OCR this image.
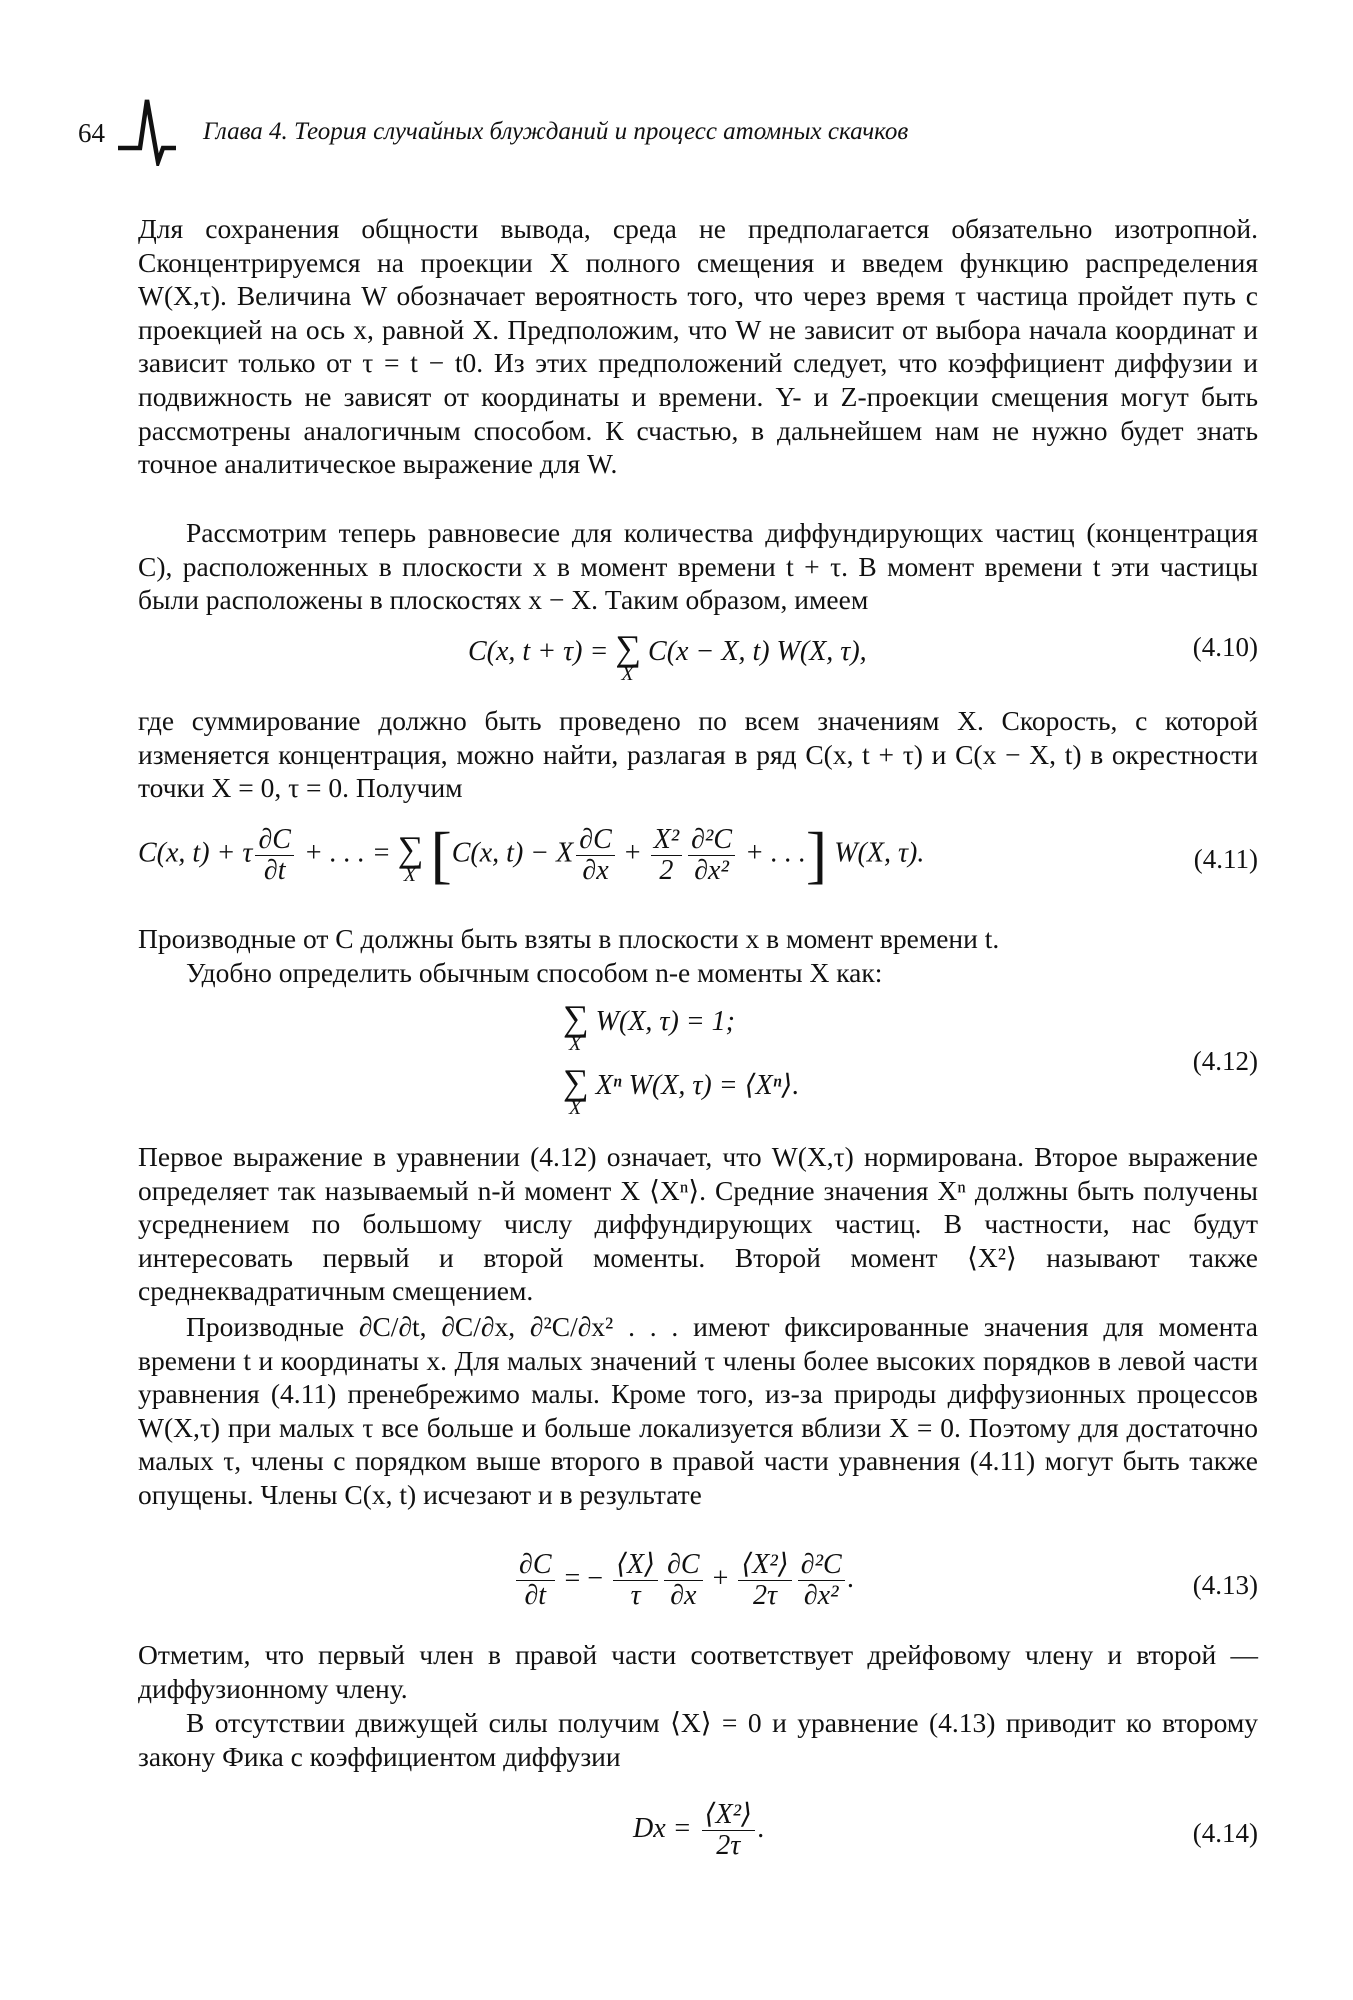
64	Глава 4. Теория случайных блужданий и процесс атомных скачков

Для сохранения общности вывода, среда не предполагается обязательно изотропной. Сконцентрируемся на проекции X полного смещения и введем функцию распределения W(X,τ). Величина W обозначает вероятность того, что через время τ частица пройдет путь с проекцией на ось x, равной X. Предположим, что W не зависит от выбора начала координат и зависит только от τ = t − t0. Из этих предположений следует, что коэффициент диффузии и подвижность не зависят от координаты и времени. Y- и Z-проекции смещения могут быть рассмотрены аналогичным способом. К счастью, в дальнейшем нам не нужно будет знать точное аналитическое выражение для W.

Рассмотрим теперь равновесие для количества диффундирующих частиц (концентрация C), расположенных в плоскости x в момент времени t + τ. В момент времени t эти частицы были расположены в плоскостях x − X. Таким образом, имеем

C(x, t + τ) = ∑
X
C(x − X, t) W(X, τ),	(4.10)

где суммирование должно быть проведено по всем значениям X. Скорость, с которой изменяется концентрация, можно найти, разлагая в ряд C(x, t + τ) и C(x − X, t) в окрестности точки X = 0, τ = 0. Получим

C(x, t) + τ $\frac{\partial C}{\partial t}$ + . . . = ∑
X [C(x, t) − X $\frac{\partial C}{\partial x} + \frac{\text{X²}}{2} \frac{\text{∂²C}}{\text{∂x²}}$ + . . .] W(X, τ).	(4.11)

Производные от C должны быть взяты в плоскости x в момент времени t.

Удобно определить обычным способом n-е моменты X как:

∑
X
W(X, τ) = 1;
∑
X
Xⁿ W(X, τ) = ⟨Xⁿ⟩.
(4.12)

Первое выражение в уравнении (4.12) означает, что W(X,τ) нормирована. Второе выражение определяет так называемый n-й момент X ⟨Xⁿ⟩. Средние значения Xⁿ должны быть получены усреднением по большому числу диффундирующих частиц. В частности, нас будут интересовать первый и второй моменты. Второй момент ⟨X²⟩ называют также среднеквадратичным смещением.

Производные ∂C/∂t, ∂C/∂x, ∂²C/∂x² . . . имеют фиксированные значения для момента времени t и координаты x. Для малых значений τ члены более высоких порядков в левой части уравнения (4.11) пренебрежимо малы. Кроме того, из-за природы диффузионных процессов W(X,τ) при малых τ все больше и больше локализуется вблизи X = 0. Поэтому для достаточно малых τ, члены с порядком выше второго в правой части уравнения (4.11) могут быть также опущены. Члены C(x, t) исчезают и в результате

$\frac{\partial C}{\partial t}$ = − $\frac{⟨X⟩}{\tau} \frac{\partial C}{\partial x} + \frac{\text{⟨X²⟩}}{2\tau} \frac{\text{∂²C}}{\text{∂x²}}$ .	(4.13)

Отметим, что первый член в правой части соответствует дрейфовому члену и второй — диффузионному члену.

В отсутствии движущей силы получим ⟨X⟩ = 0 и уравнение (4.13) приводит ко второму закону Фика с коэффициентом диффузии

$Dx = \frac{\text{⟨X²⟩}}{2\tau}$ .	(4.14)
